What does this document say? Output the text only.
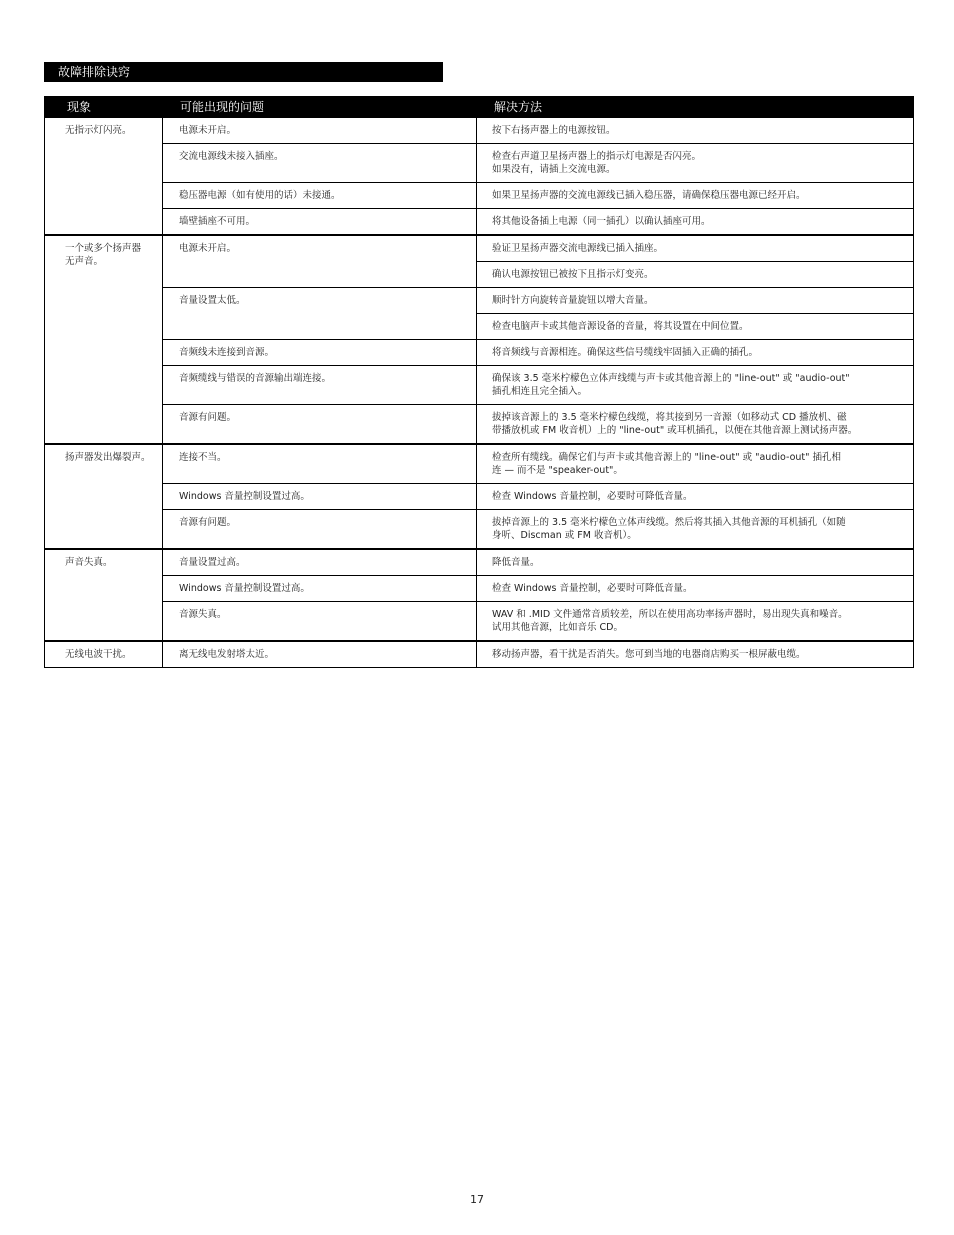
故障排除诀窍
现象	可能出现的问题	解决方法
无指示灯闪亮。	电源未开启。	按下右扬声器上的电源按钮。
	交流电源线未接入插座。	检查右声道卫星扬声器上的指示灯电源是否闪亮。
如果没有，请插上交流电源。
	稳压器电源（如有使用的话）未接通。	如果卫星扬声器的交流电源线已插入稳压器，请确保稳压器电源已经开启。
	墙壁插座不可用。	将其他设备插上电源（同一插孔）以确认插座可用。
一个或多个扬声器
无声音。	电源未开启。	验证卫星扬声器交流电源线已插入插座。
		确认电源按钮已被按下且指示灯变亮。
	音量设置太低。	顺时针方向旋转音量旋钮以增大音量。
		检查电脑声卡或其他音源设备的音量，将其设置在中间位置。
	音频线未连接到音源。	将音频线与音源相连。确保这些信号缆线牢固插入正确的插孔。
	音频缆线与错误的音源输出端连接。	确保该 3.5 毫米柠檬色立体声线缆与声卡或其他音源上的 "line-out" 或 "audio-out"
插孔相连且完全插入。
	音源有问题。	拔掉该音源上的 3.5 毫米柠檬色线缆，将其接到另一音源（如移动式 CD 播放机、磁
带播放机或 FM 收音机）上的 "line-out" 或耳机插孔，以便在其他音源上测试扬声器。
扬声器发出爆裂声。	连接不当。	检查所有缆线。确保它们与声卡或其他音源上的 "line-out" 或 "audio-out" 插孔相
连 — 而不是 "speaker-out"。
	Windows 音量控制设置过高。	检查 Windows 音量控制，必要时可降低音量。
	音源有问题。	拔掉音源上的 3.5 毫米柠檬色立体声线缆。然后将其插入其他音源的耳机插孔（如随
身听、Discman 或 FM 收音机）。
声音失真。	音量设置过高。	降低音量。
	Windows 音量控制设置过高。	检查 Windows 音量控制，必要时可降低音量。
	音源失真。	WAV 和 .MID 文件通常音质较差，所以在使用高功率扬声器时，易出现失真和噪音。
试用其他音源，比如音乐 CD。
无线电波干扰。	离无线电发射塔太近。	移动扬声器，看干扰是否消失。您可到当地的电器商店购买一根屏蔽电缆。
17
